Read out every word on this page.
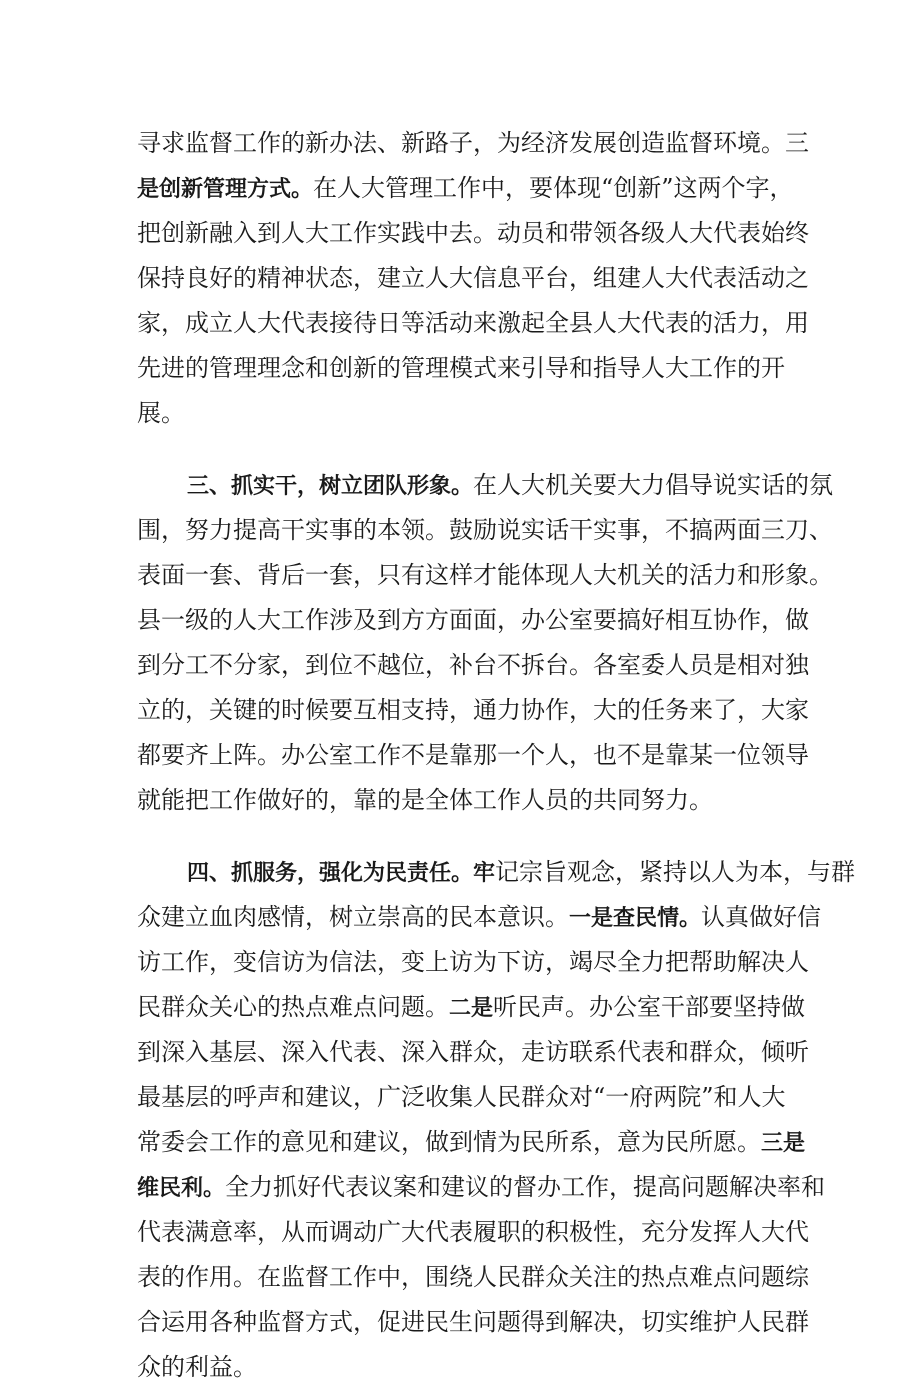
寻求监督工作的新办法、新路子，为经济发展创造监督环境。三
是创新管理方式。在人大管理工作中，要体现“创新”这两个字，
把创新融入到人大工作实践中去。动员和带领各级人大代表始终
保持良好的精神状态，建立人大信息平台，组建人大代表活动之
家，成立人大代表接待日等活动来激起全县人大代表的活力，用
先进的管理理念和创新的管理模式来引导和指导人大工作的开
展。
三、抓实干，树立团队形象。在人大机关要大力倡导说实话的氛
围，努力提高干实事的本领。鼓励说实话干实事，不搞两面三刀、
表面一套、背后一套，只有这样才能体现人大机关的活力和形象。
县一级的人大工作涉及到方方面面，办公室要搞好相互协作，做
到分工不分家，到位不越位，补台不拆台。各室委人员是相对独
立的，关键的时候要互相支持，通力协作，大的任务来了，大家
都要齐上阵。办公室工作不是靠那一个人，也不是靠某一位领导
就能把工作做好的，靠的是全体工作人员的共同努力。
四、抓服务，强化为民责任。牢记宗旨观念，紧持以人为本，与群
众建立血肉感情，树立崇高的民本意识。一是查民情。认真做好信
访工作，变信访为信法，变上访为下访，竭尽全力把帮助解决人
民群众关心的热点难点问题。二是听民声。办公室干部要坚持做
到深入基层、深入代表、深入群众，走访联系代表和群众，倾听
最基层的呼声和建议，广泛收集人民群众对“一府两院”和人大
常委会工作的意见和建议，做到情为民所系，意为民所愿。三是
维民利。全力抓好代表议案和建议的督办工作，提高问题解决率和
代表满意率，从而调动广大代表履职的积极性，充分发挥人大代
表的作用。在监督工作中，围绕人民群众关注的热点难点问题综
合运用各种监督方式，促进民生问题得到解决，切实维护人民群
众的利益。
